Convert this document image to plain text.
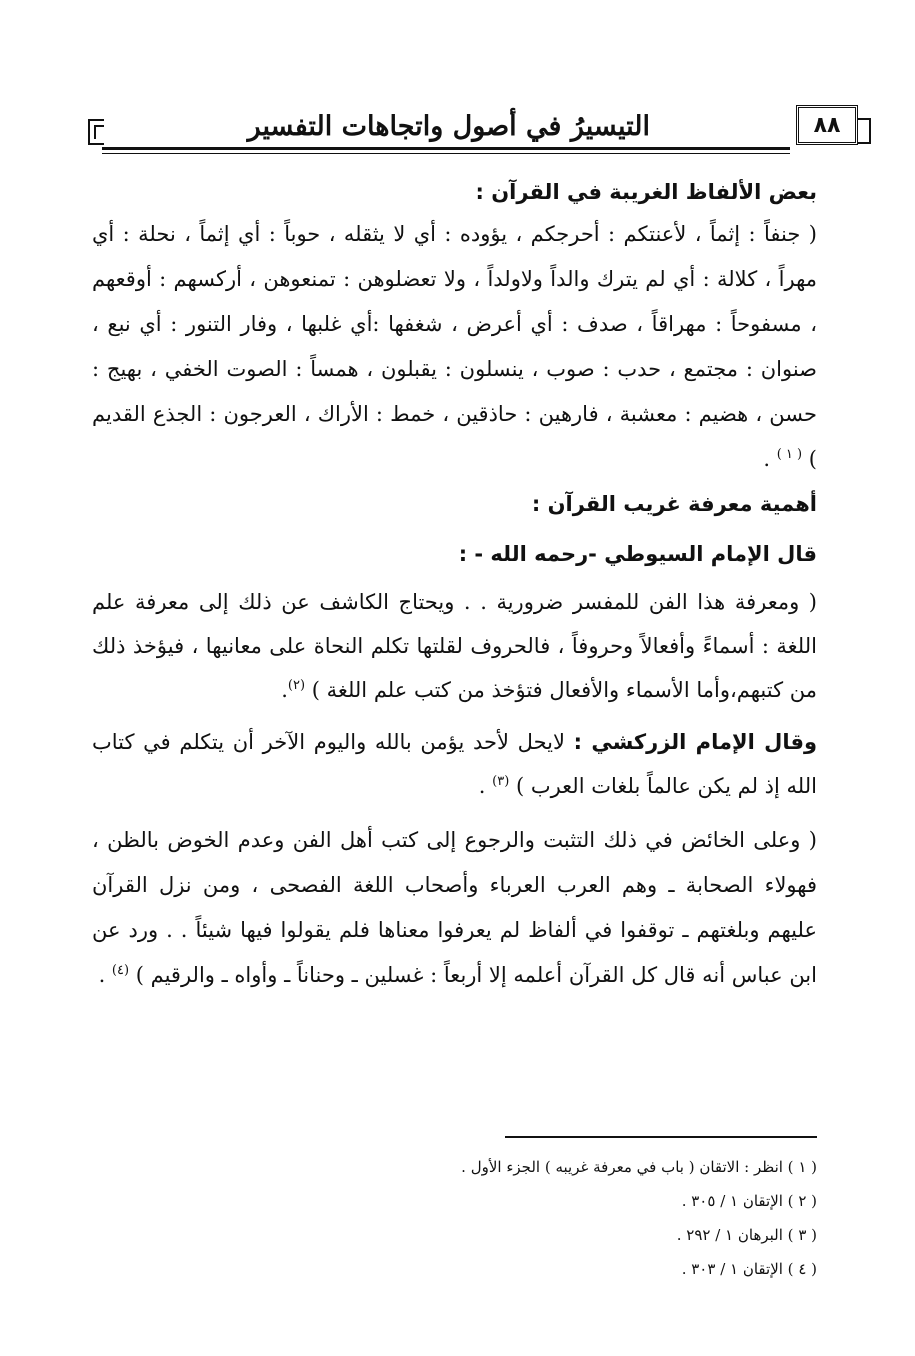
٨٨
التيسيرُ في أصول واتجاهات التفسير
بعض الألفاظ الغريبة في القرآن :
( جنفاً : إثماً ، لأعنتكم : أحرجكم ، يؤوده : أي لا يثقله ، حوباً : أي إثماً ، نحلة : أي مهراً ، كلالة : أي لم يترك والداً ولاولداً ، ولا تعضلوهن : تمنعوهن ، أركسهم : أوقعهم ، مسفوحاً : مهراقاً ، صدف : أي أعرض ، شغفها :أي غلبها ، وفار التنور : أي نبع ، صنوان : مجتمع ، حدب : صوب ، ينسلون : يقبلون ، همساً : الصوت الخفي ، بهيج : حسن ، هضيم : معشبة ، فارهين : حاذقين ، خمط : الأراك ، العرجون : الجذع القديم ) $^{( ١ )}$ .
أهمية معرفة غريب القرآن :
قال الإمام السيوطي -رحمه الله - :
( ومعرفة هذا الفن للمفسر ضرورية . . ويحتاج الكاشف عن ذلك إلى معرفة علم اللغة : أسماءً وأفعالاً وحروفاً ، فالحروف لقلتها تكلم النحاة على معانيها ، فيؤخذ ذلك من كتبهم،وأما الأسماء والأفعال فتؤخذ من كتب علم اللغة ) $^{(٢)}$.
وقال الإمام الزركشي : لايحل لأحد يؤمن بالله واليوم الآخر أن يتكلم في كتاب الله إذ لم يكن عالماً بلغات العرب ) $^{(٣)}$ .
( وعلى الخائض في ذلك التثبت والرجوع إلى كتب أهل الفن وعدم الخوض بالظن ، فهولاء الصحابة ـ وهم العرب العرباء وأصحاب اللغة الفصحى ، ومن نزل القرآن عليهم وبلغتهم ـ توقفوا في ألفاظ لم يعرفوا معناها فلم يقولوا فيها شيئاً . . ورد عن ابن عباس أنه قال كل القرآن أعلمه إلا أربعاً : غسلين ـ وحناناً ـ وأواه ـ والرقيم ) $^{(٤)}$ .
( ١ ) انظر : الاتقان ( باب في معرفة غريبه ) الجزء الأول .
( ٢ ) الإتقان ١ / ٣٠٥ .
( ٣ ) البرهان ١ / ٢٩٢ .
( ٤ ) الإتقان ١ / ٣٠٣ .
